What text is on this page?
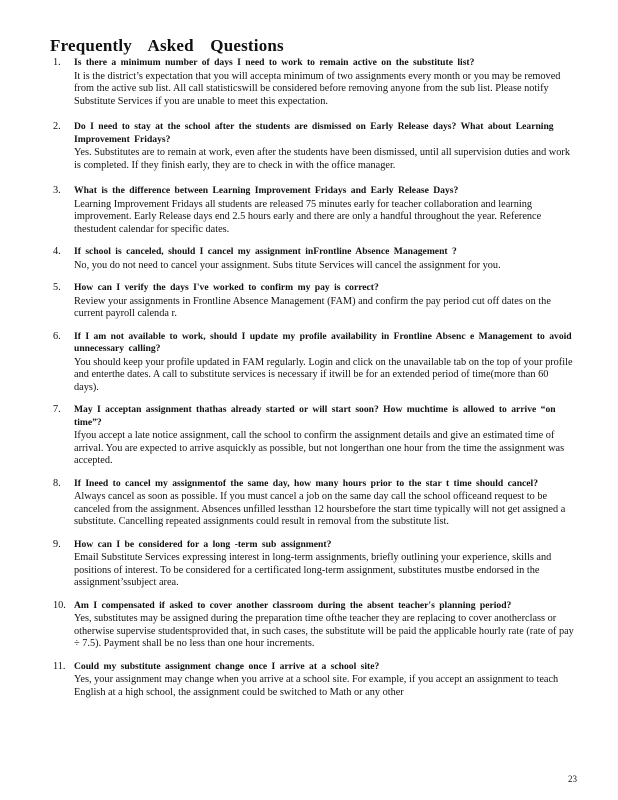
Frequently Asked Questions
1. Is there a minimum number of days I need to work to remain active on the substitute list?
It is the district’s expectation that you will accepta minimum of two assignments every month or you may be removed from the active sub list. All call statisticswill be considered before removing anyone from the sub list. Please notify Substitute Services if you are unable to meet this expectation.
2. Do I need to stay at the school after the students are dismissed on Early Release days? What about Learning Improvement Fridays?
Yes. Substitutes are to remain at work, even after the students have been dismissed, until all supervision duties and work is completed. If they finish early, they are to check in with the office manager.
3. What is the difference between Learning Improvement Fridays and Early Release Days?
Learning Improvement Fridays all students are released 75 minutes early for teacher collaboration and learning improvement. Early Release days end 2.5 hours early and there are only a handful throughout the year. Reference thestudent calendar for specific dates.
4. If school is canceled, should I cancel my assignment inFrontline Absence Management ?
No, you do not need to cancel your assignment. Subs titute Services will cancel the assignment for you.
5. How can I verify the days I've worked to confirm my pay is correct?
Review your assignments in Frontline Absence Management (FAM) and confirm the pay period cut off dates on the current payroll calenda r.
6. If I am not available to work, should I update my profile availability in Frontline Absenc e Management to avoid unnecessary calling?
You should keep your profile updated in FAM regularly. Login and click on the unavailable tab on the top of your profile and enterthe dates. A call to substitute services is necessary if itwill be for an extended period of time(more than 60 days).
7. May I acceptan assignment thathas already started or will start soon? How muchtime is allowed to arrive “on time”?
Ifyou accept a late notice assignment, call the school to confirm the assignment details and give an estimated time of arrival. You are expected to arrive asquickly as possible, but not longerthan one hour from the time the assignment was accepted.
8. If Ineed to cancel my assignmentof the same day, how many hours prior to the star t time should cancel?
Always cancel as soon as possible. If you must cancel a job on the same day call the school officeand request to be canceled from the assignment. Absences unfilled lessthan 12 hoursbefore the start time typically will not get assigned a substitute. Cancelling repeated assignments could result in removal from the substitute list.
9. How can I be considered for a long -term sub assignment?
Email Substitute Services expressing interest in long-term assignments, briefly outlining your experience, skills and positions of interest. To be considered for a certificated long-term assignment, substitutes mustbe endorsed in the assignment’ssubject area.
10. Am I compensated if asked to cover another classroom during the absent teacher's planning period?
Yes, substitutes may be assigned during the preparation time ofthe teacher they are replacing to cover anotherclass or otherwise supervise studentsprovided that, in such cases, the substitute will be paid the applicable hourly rate (rate of pay ÷ 7.5). Payment shall be no less than one hour increments.
11. Could my substitute assignment change once I arrive at a school site?
Yes, your assignment may change when you arrive at a school site. For example, if you accept an assignment to teach English at a high school, the assignment could be switched to Math or any other
23
